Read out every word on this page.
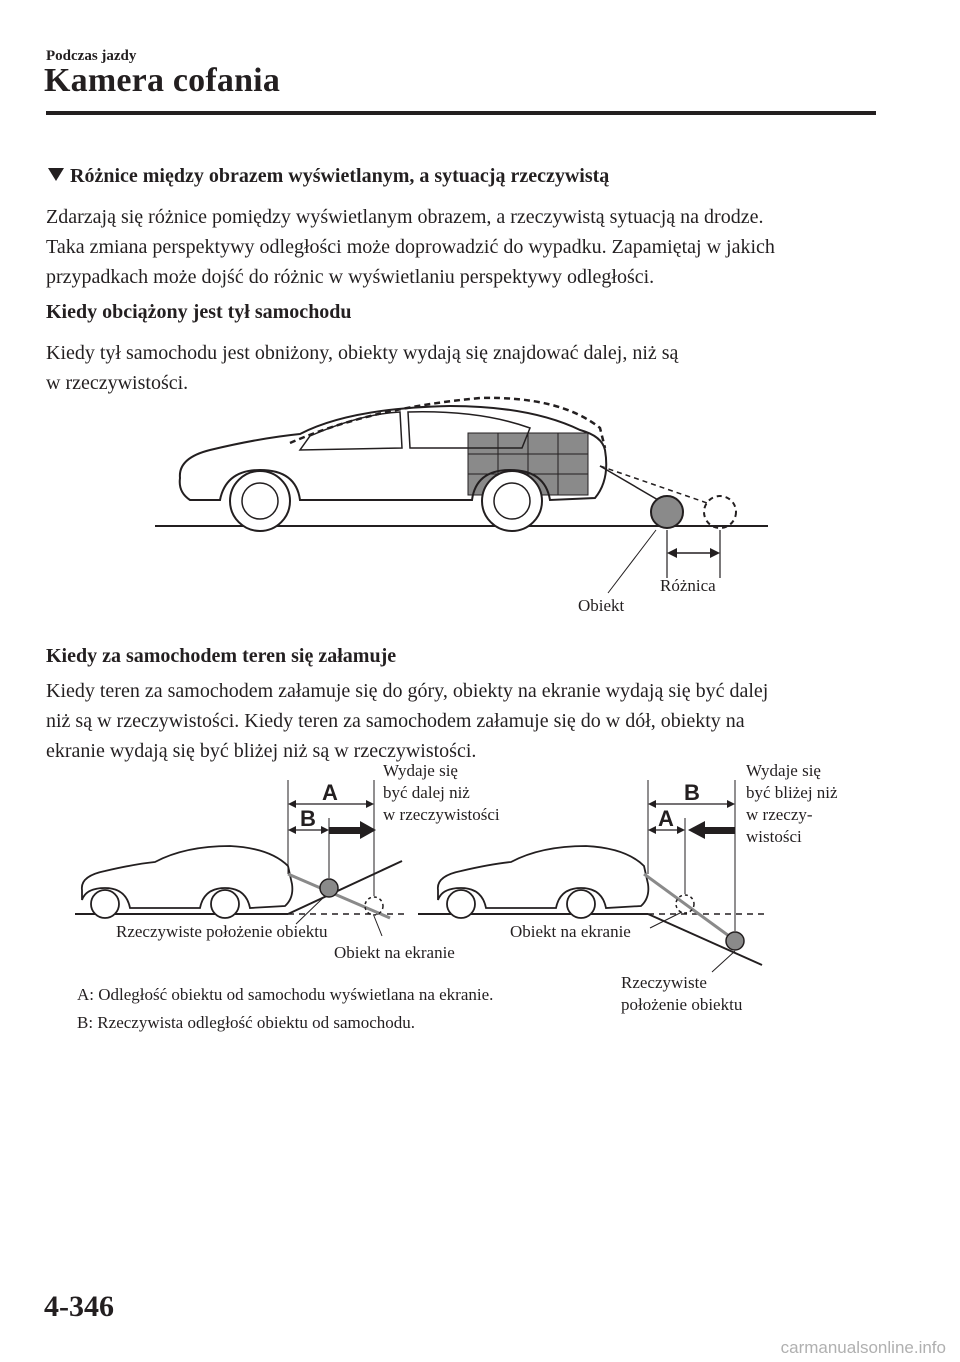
Podczas jazdy
Kamera cofania
Różnice między obrazem wyświetlanym, a sytuacją rzeczywistą
Zdarzają się różnice pomiędzy wyświetlanym obrazem, a rzeczywistą sytuacją na drodze.
Taka zmiana perspektywy odległości może doprowadzić do wypadku. Zapamiętaj w jakich
przypadkach może dojść do różnic w wyświetlaniu perspektywy odległości.
Kiedy obciążony jest tył samochodu
Kiedy tył samochodu jest obniżony, obiekty wydają się znajdować dalej, niż są
w rzeczywistości.
Różnica
Obiekt
Kiedy za samochodem teren się załamuje
Kiedy teren za samochodem załamuje się do góry, obiekty na ekranie wydają się być dalej
niż są w rzeczywistości. Kiedy teren za samochodem załamuje się do w dół, obiekty na
ekranie wydają się być bliżej niż są w rzeczywistości.
A
B
Wydaje się
być dalej niż
w rzeczywistości
Rzeczywiste położenie obiektu
Obiekt na ekranie
B
A
Wydaje się
być bliżej niż
w rzeczy-
wistości
Obiekt na ekranie
Rzeczywiste
położenie obiektu
A: Odległość obiektu od samochodu wyświetlana na ekranie.
B: Rzeczywista odległość obiektu od samochodu.
4-346
carmanualsonline.info
